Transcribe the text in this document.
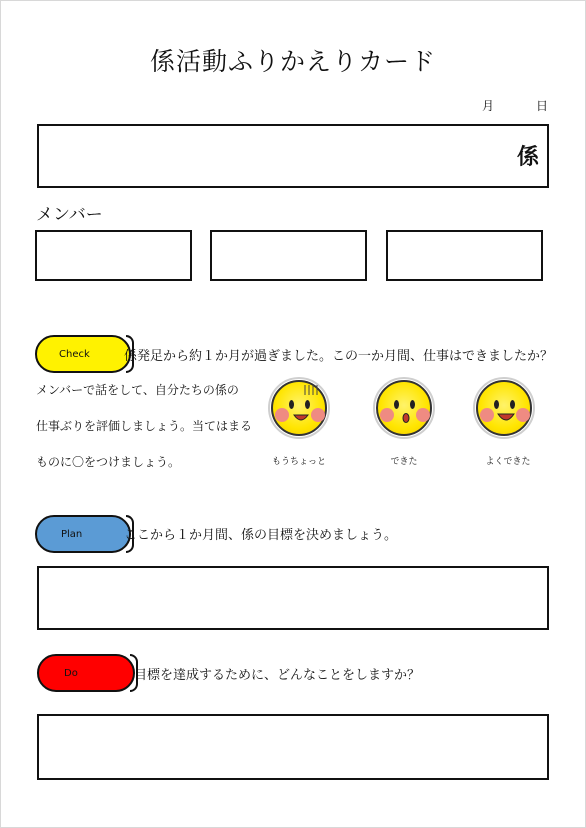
係活動ふりかえりカード
月	日
係
メンバー
Check	係発足から約１か月が過ぎました。この一か月間、仕事はできましたか？
メンバーで話をして、自分たちの係の
仕事ぶりを評価しましょう。当てはまる
ものに〇をつけましょう。	もうちょっと	できた	よくできた
Plan	ここから１か月間、係の目標を決めましょう。
Do	目標を達成するために、どんなことをしますか？
